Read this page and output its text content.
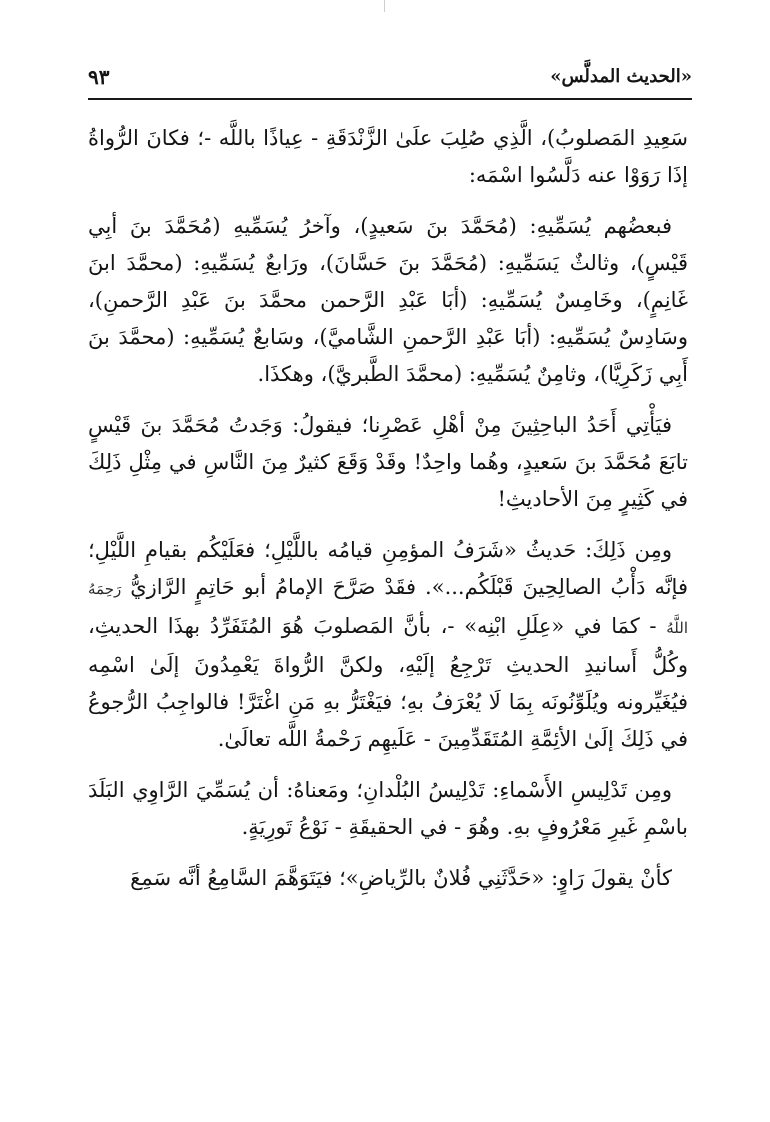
«الحديث المدلَّس»
٩٣

سَعِيدِ المَصلوبُ)، الَّذِي صُلِبَ علَىٰ الزَّنْدَقَةِ - عِياذًا باللَّه -؛ فكانَ الرُّواةُ إذَا رَوَوْا عنه دَلَّسُوا اسْمَه:

فبعضُهم يُسَمِّيهِ: (مُحَمَّدَ بنَ سَعيدٍ)، وآخرُ يُسَمِّيهِ (مُحَمَّدَ بنَ أبِي قَيْسٍ)، وثالثٌ يَسَمِّيهِ: (مُحَمَّدَ بنَ حَسَّانَ)، ورَابعٌ يُسَمِّيهِ: (محمَّدَ ابنَ غَانِمٍ)، وخَامِسٌ يُسَمِّيهِ: (أبَا عَبْدِ الرَّحمن محمَّدَ بنَ عَبْدِ الرَّحمنِ)، وسَادِسٌ يُسَمِّيهِ: (أبَا عَبْدِ الرَّحمنِ الشَّاميَّ)، وسَابعٌ يُسَمِّيهِ: (محمَّدَ بنَ أَبِي زَكَرِيَّا)، وثامِنٌ يُسَمِّيهِ: (محمَّدَ الطَّبريَّ)، وهكذَا.

فيَأْتِي أَحَدُ الباحِثِينَ مِنْ أهْلِ عَصْرِنا؛ فيقولُ: وَجَدتُ مُحَمَّدَ بنَ قَيْسٍ تابَعَ مُحَمَّدَ بنَ سَعيدٍ، وهُما واحِدٌ! وقَدْ وَقَعَ كثيرٌ مِنَ النَّاسِ في مِثْلِ ذَلِكَ في كَثِيرٍ مِنَ الأحاديثِ!

ومِن ذَلِكَ: حَديثُ «شَرَفُ المؤمِنِ قيامُه باللَّيْلِ؛ فعَلَيْكُم بقيامِ اللَّيْلِ؛ فإنَّه دَأْبُ الصالِحِينَ قَبْلَكُم...». فقَدْ صَرَّحَ الإمامُ أبو حَاتِمٍ الرَّازيُّ رَحِمَهُ اللَّهُ - كمَا في «عِلَلِ ابْنِه» -، بأنَّ المَصلوبَ هُوَ المُتَفَرِّدُ بهذَا الحديثِ، وكُلُّ أَسانيدِ الحديثِ تَرْجِعُ إلَيْهِ، ولكنَّ الرُّواةَ يَعْمِدُونَ إلَىٰ اسْمِه فيُغَيِّرونه ويُلَوِّنُونَه بِمَا لَا يُعْرَفُ بهِ؛ فيَغْتَرُّ بهِ مَنِ اغْتَرَّ! فالواجِبُ الرُّجوعُ في ذَلِكَ إلَىٰ الأئِمَّةِ المُتَقَدِّمِينَ - عَلَيهِم رَحْمةُ اللَّه تعالَىٰ.

ومِن تَدْلِيسِ الأَسْماءِ: تَدْلِيسُ البُلْدانِ؛ ومَعناهُ: أن يُسَمِّيَ الرَّاوِي البَلَدَ باسْمِ غَيرِ مَعْرُوفٍ بهِ. وهُوَ - في الحقيقَةِ - نَوْعُ تَورِيَةٍ.

كأنْ يقولَ رَاوٍ: «حَدَّثَنِي فُلانٌ بالرِّياضِ»؛ فيَتَوَهَّمَ السَّامِعُ أنَّه سَمِعَ
